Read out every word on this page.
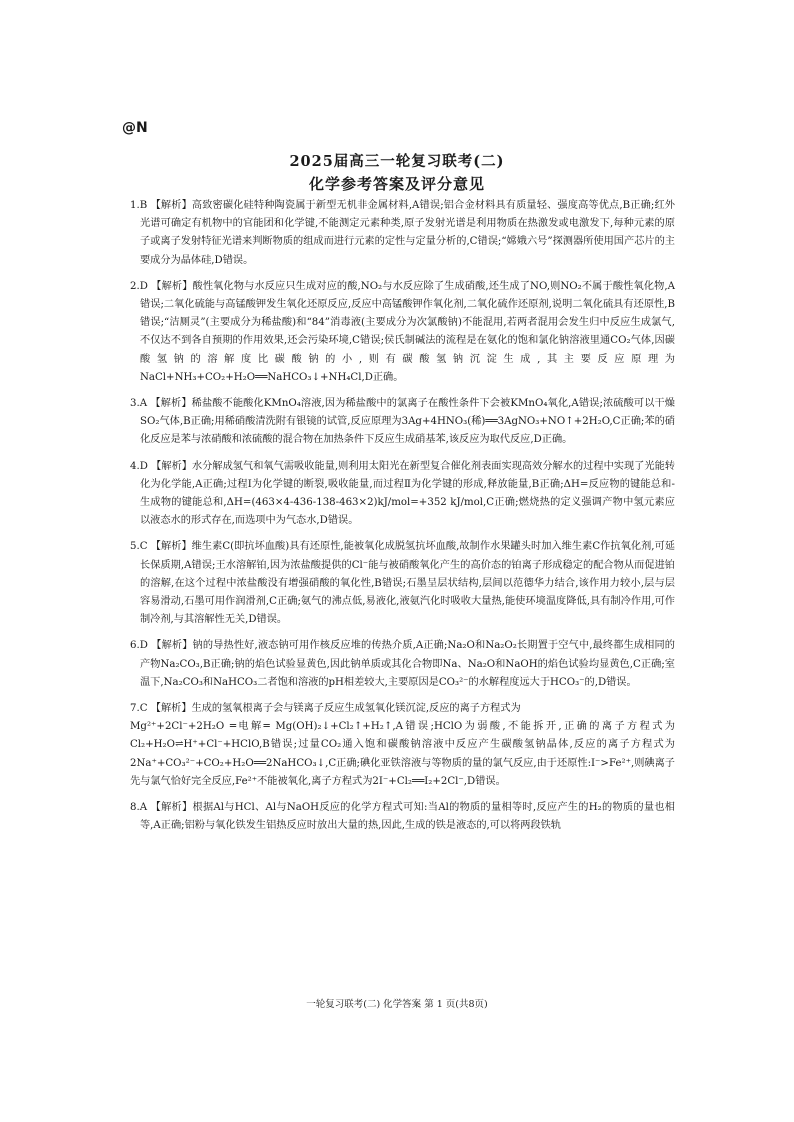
@N
2025届高三一轮复习联考(二)
化学参考答案及评分意见

1.B 【解析】高致密碳化硅特种陶瓷属于新型无机非金属材料,A错误;铝合金材料具有质量轻、强度高等优点,B正确;红外光谱可确定有机物中的官能团和化学键,不能测定元素种类,原子发射光谱是利用物质在热激发或电激发下,每种元素的原子或离子发射特征光谱来判断物质的组成而进行元素的定性与定量分析的,C错误;“嫦娥六号”探测器所使用国产芯片的主要成分为晶体硅,D错误。

2.D 【解析】酸性氧化物与水反应只生成对应的酸,NO₂与水反应除了生成硝酸,还生成了NO,则NO₂不属于酸性氧化物,A错误;二氧化硫能与高锰酸钾发生氧化还原反应,反应中高锰酸钾作氧化剂,二氧化硫作还原剂,说明二氧化硫具有还原性,B错误;“洁厕灵”(主要成分为稀盐酸)和“84”消毒液(主要成分为次氯酸钠)不能混用,若两者混用会发生归中反应生成氯气,不仅达不到各自预期的作用效果,还会污染环境,C错误;侯氏制碱法的流程是在氨化的饱和氯化钠溶液里通CO₂气体,因碳酸氢钠的溶解度比碳酸钠的小,则有碳酸氢钠沉淀生成,其主要反应原理为NaCl+NH₃+CO₂+H₂O══NaHCO₃↓+NH₄Cl,D正确。

3.A 【解析】稀盐酸不能酸化KMnO₄溶液,因为稀盐酸中的氯离子在酸性条件下会被KMnO₄氧化,A错误;浓硫酸可以干燥SO₂气体,B正确;用稀硝酸清洗附有银镜的试管,反应原理为3Ag+4HNO₃(稀)══3AgNO₃+NO↑+2H₂O,C正确;苯的硝化反应是苯与浓硝酸和浓硫酸的混合物在加热条件下反应生成硝基苯,该反应为取代反应,D正确。

4.D 【解析】水分解成氢气和氧气需吸收能量,则利用太阳光在新型复合催化剂表面实现高效分解水的过程中实现了光能转化为化学能,A正确;过程Ⅰ为化学键的断裂,吸收能量,而过程Ⅱ为化学键的形成,释放能量,B正确;ΔH=反应物的键能总和-生成物的键能总和,ΔH=(463×4-436-138-463×2)kJ/mol=+352 kJ/mol,C正确;燃烧热的定义强调产物中氢元素应以液态水的形式存在,而选项中为气态水,D错误。

5.C 【解析】维生素C(即抗坏血酸)具有还原性,能被氧化成脱氢抗坏血酸,故制作水果罐头时加入维生素C作抗氧化剂,可延长保质期,A错误;王水溶解铂,因为浓盐酸提供的Cl⁻能与被硝酸氧化产生的高价态的铂离子形成稳定的配合物从而促进铂的溶解,在这个过程中浓盐酸没有增强硝酸的氧化性,B错误;石墨呈层状结构,层间以范德华力结合,该作用力较小,层与层容易滑动,石墨可用作润滑剂,C正确;氨气的沸点低,易液化,液氨汽化时吸收大量热,能使环境温度降低,具有制冷作用,可作制冷剂,与其溶解性无关,D错误。

6.D 【解析】钠的导热性好,液态钠可用作核反应堆的传热介质,A正确;Na₂O和Na₂O₂长期置于空气中,最终都生成相同的产物Na₂CO₃,B正确;钠的焰色试验显黄色,因此钠单质或其化合物即Na、Na₂O和NaOH的焰色试验均显黄色,C正确;室温下,Na₂CO₃和NaHCO₃二者饱和溶液的pH相差较大,主要原因是CO₃²⁻的水解程度远大于HCO₃⁻的,D错误。

7.C 【解析】生成的氢氧根离子会与镁离子反应生成氢氧化镁沉淀,反应的离子方程式为

Mg²⁺+2Cl⁻+2H₂O ═电解═ Mg(OH)₂↓+Cl₂↑+H₂↑,A错误;HClO为弱酸,不能拆开,正确的离子方程式为Cl₂+H₂O⇌H⁺+Cl⁻+HClO,B错误;过量CO₂通入饱和碳酸钠溶液中反应产生碳酸氢钠晶体,反应的离子方程式为2Na⁺+CO₃²⁻+CO₂+H₂O══2NaHCO₃↓,C正确;碘化亚铁溶液与等物质的量的氯气反应,由于还原性:I⁻>Fe²⁺,则碘离子先与氯气恰好完全反应,Fe²⁺不能被氧化,离子方程式为2I⁻+Cl₂══I₂+2Cl⁻,D错误。

8.A 【解析】根据Al与HCl、Al与NaOH反应的化学方程式可知:当Al的物质的量相等时,反应产生的H₂的物质的量也相等,A正确;铝粉与氧化铁发生铝热反应时放出大量的热,因此,生成的铁是液态的,可以将两段铁轨

一轮复习联考(二) 化学答案 第 1 页(共8页)
